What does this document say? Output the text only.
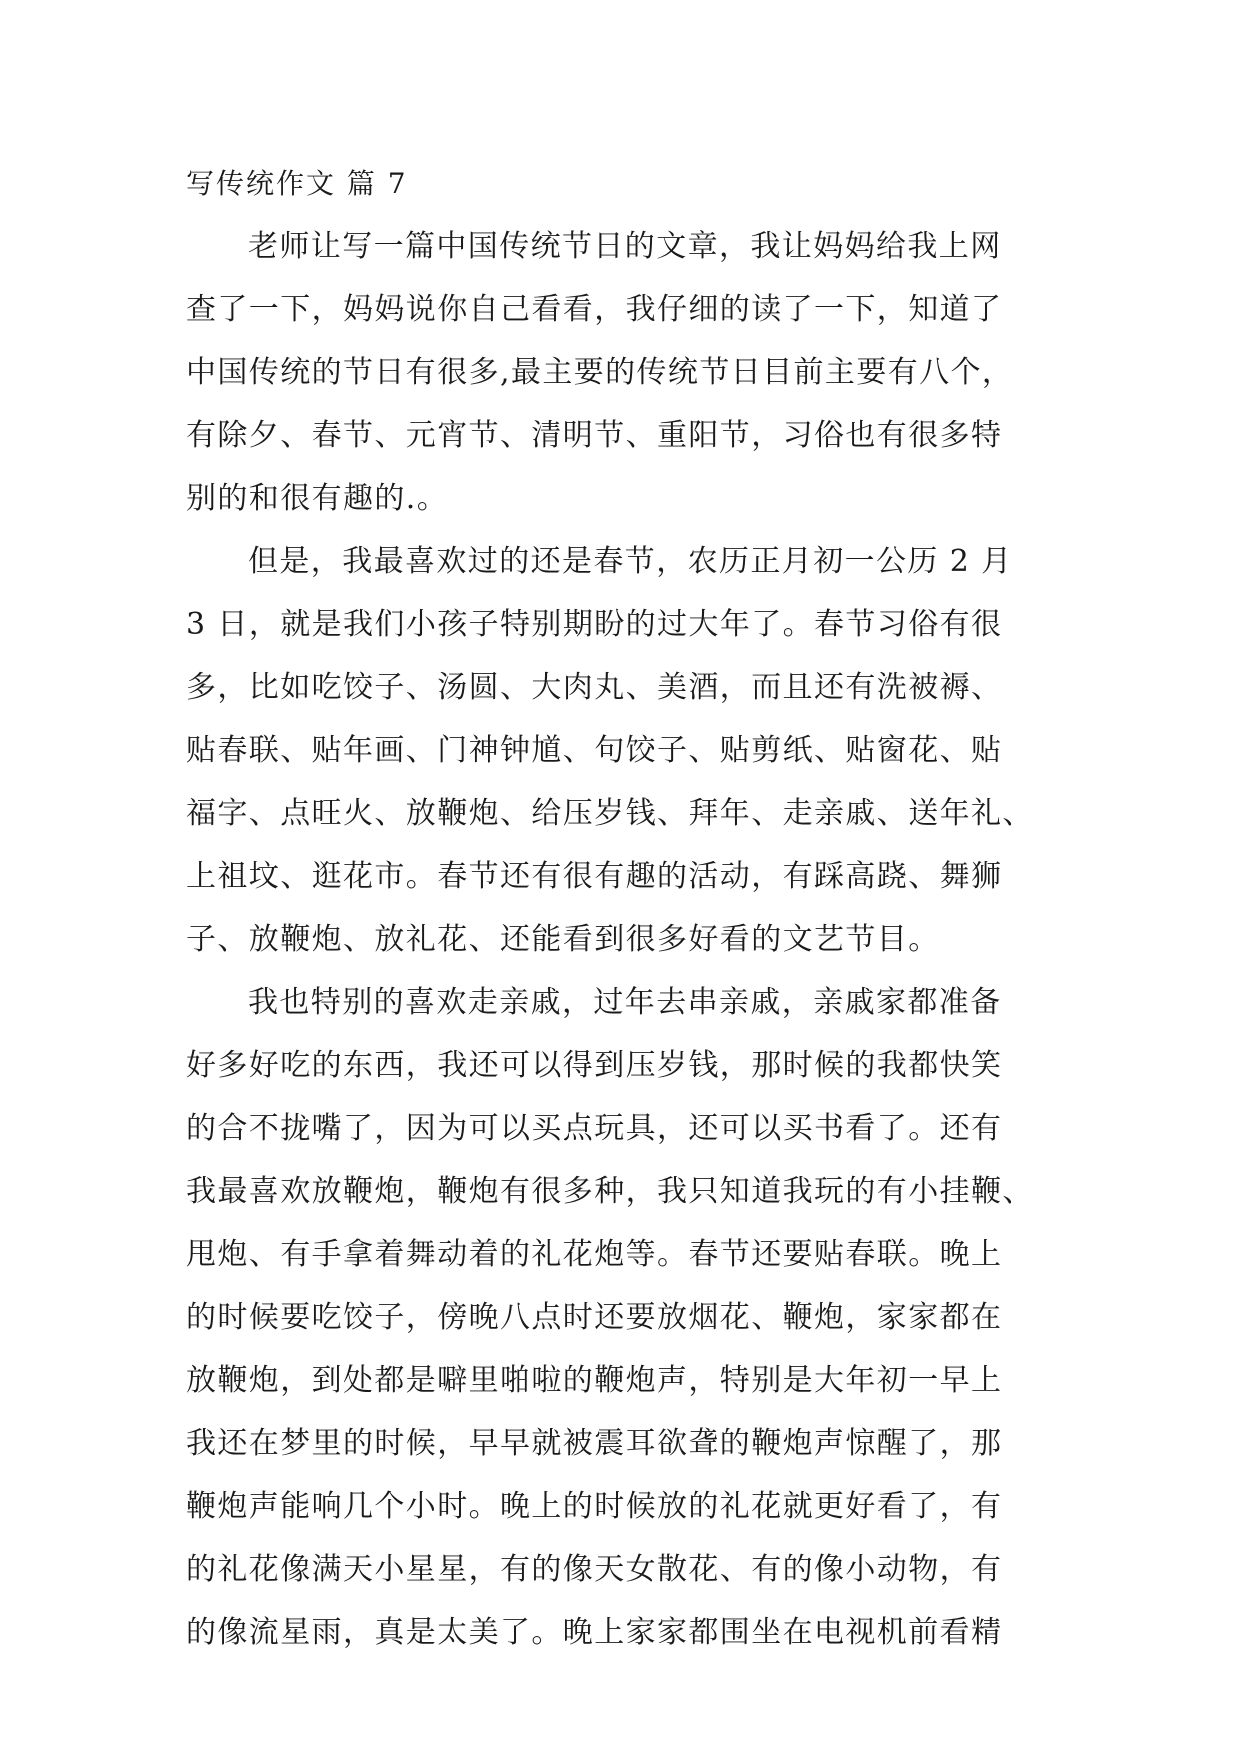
写传统作文 篇 7
老师让写一篇中国传统节日的文章，我让妈妈给我上网
查了一下，妈妈说你自己看看，我仔细的读了一下，知道了
中国传统的节日有很多,最主要的传统节日目前主要有八个，
有除夕、春节、元宵节、清明节、重阳节，习俗也有很多特
别的和很有趣的.。
但是，我最喜欢过的还是春节，农历正月初一公历 2 月
3 日，就是我们小孩子特别期盼的过大年了。春节习俗有很
多，比如吃饺子、汤圆、大肉丸、美酒，而且还有洗被褥、
贴春联、贴年画、门神钟馗、句饺子、贴剪纸、贴窗花、贴
福字、点旺火、放鞭炮、给压岁钱、拜年、走亲戚、送年礼、
上祖坟、逛花市。春节还有很有趣的活动，有踩高跷、舞狮
子、放鞭炮、放礼花、还能看到很多好看的文艺节目。
我也特别的喜欢走亲戚，过年去串亲戚，亲戚家都准备
好多好吃的东西，我还可以得到压岁钱，那时候的我都快笑
的合不拢嘴了，因为可以买点玩具，还可以买书看了。还有
我最喜欢放鞭炮，鞭炮有很多种，我只知道我玩的有小挂鞭、
甩炮、有手拿着舞动着的礼花炮等。春节还要贴春联。晚上
的时候要吃饺子，傍晚八点时还要放烟花、鞭炮，家家都在
放鞭炮，到处都是噼里啪啦的鞭炮声，特别是大年初一早上
我还在梦里的时候，早早就被震耳欲聋的鞭炮声惊醒了，那
鞭炮声能响几个小时。晚上的时候放的礼花就更好看了，有
的礼花像满天小星星，有的像天女散花、有的像小动物，有
的像流星雨，真是太美了。晚上家家都围坐在电视机前看精
